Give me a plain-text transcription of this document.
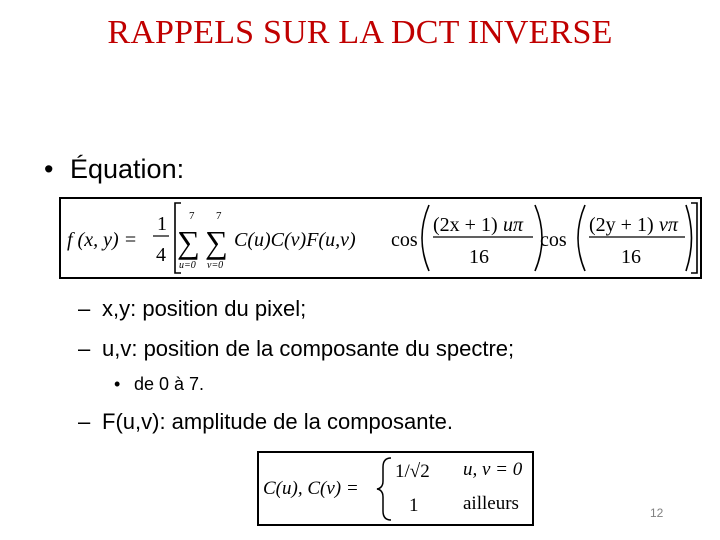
RAPPELS SUR LA DCT INVERSE
• Équation:
f (x, y) =
1
4
7
∑
u=0
7
∑
v=0
C(u)C(v)F(u,v) cos
(2x + 1) uπ
16
cos
(2y + 1) vπ
16
– x,y: position du pixel;
– u,v: position de la composante du spectre;
• de 0 à 7.
– F(u,v): amplitude de la composante.
C(u), C(v) =
1/√2 u, v = 0
1 ailleurs	12
